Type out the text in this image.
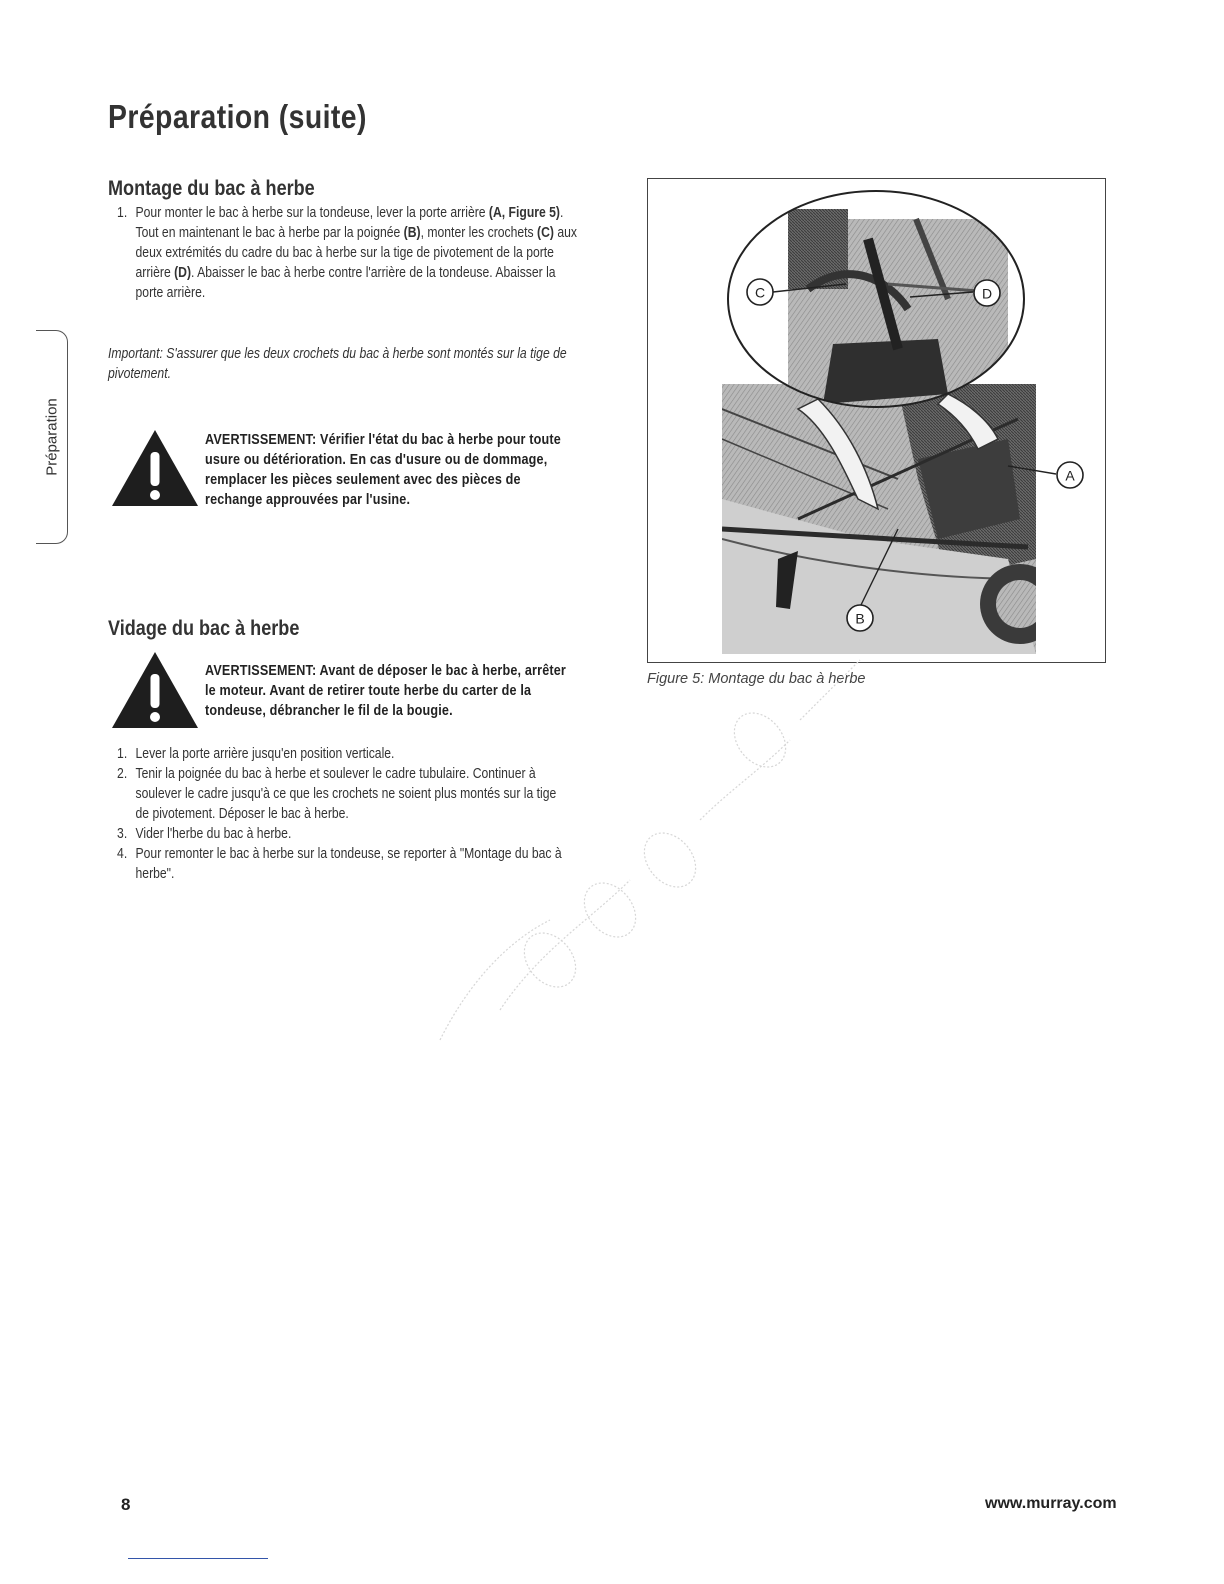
Préparation (suite)
Préparation
Montage du bac à herbe
1. Pour monter le bac à herbe sur la tondeuse, lever la porte arrière (A, Figure 5). Tout en maintenant le bac à herbe par la poignée (B), monter les crochets (C) aux deux extrémités du cadre du bac à herbe sur la tige de pivotement de la porte arrière (D). Abaisser le bac à herbe contre l'arrière de la tondeuse. Abaisser la porte arrière.
Important: S'assurer que les deux crochets du bac à herbe sont montés sur la tige de pivotement.
AVERTISSEMENT: Vérifier l'état du bac à herbe pour toute usure ou détérioration. En cas d'usure ou de dommage, remplacer les pièces seulement avec des pièces de rechange approuvées par l'usine.
Vidage du bac à herbe
AVERTISSEMENT: Avant de déposer le bac à herbe, arrêter le moteur. Avant de retirer toute herbe du carter de la tondeuse, débrancher le fil de la bougie.
1. Lever la porte arrière jusqu'en position verticale.
2. Tenir la poignée du bac à herbe et soulever le cadre tubulaire. Continuer à soulever le cadre jusqu'à ce que les crochets ne soient plus montés sur la tige de pivotement. Déposer le bac à herbe.
3. Vider l'herbe du bac à herbe.
4. Pour remonter le bac à herbe sur la tondeuse, se reporter à "Montage du bac à herbe".
C	D
A
B
Figure 5: Montage du bac à herbe
8	www.murray.com
